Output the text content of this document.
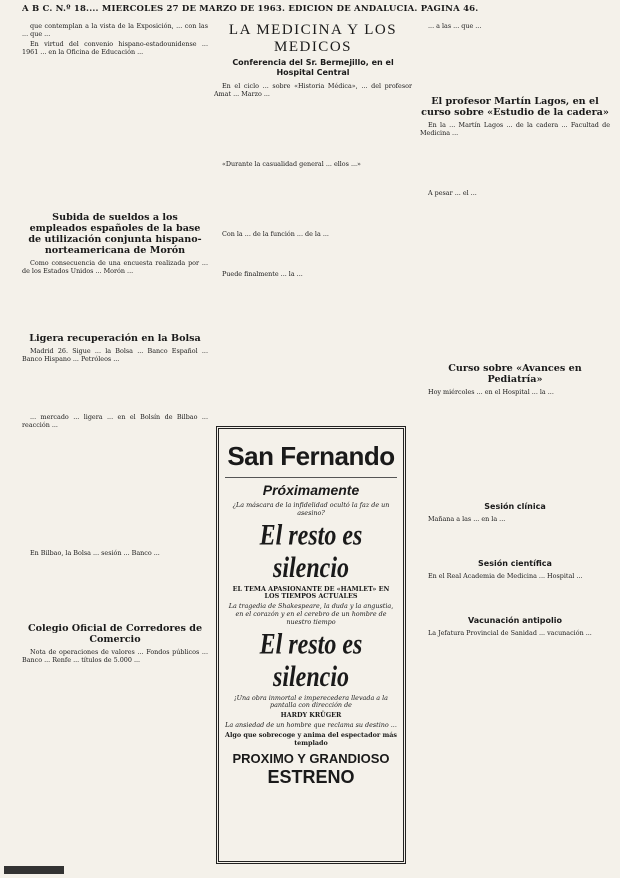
A B C. N.º 18.... MIERCOLES 27 DE MARZO DE 1963. EDICION DE ANDALUCIA. PAGINA 46.

que contemplan a la vista de la Exposición, ... con las ... que ...

En virtud del convenio hispano-estadounidense ... 1961 ... en la Oficina de Educación ...

Subida de sueldos a los empleados españoles de la base de utilización conjunta hispano-norteamericana de Morón

Como consecuencia de una encuesta realizada por ... de los Estados Unidos ... Morón ...

Ligera recuperación en la Bolsa

Madrid 26. Sigue ... la Bolsa ... Banco Español ... Banco Hispano ... Petróleos ...

... mercado ... ligera ... en el Bolsín de Bilbao ... reacción ...

En Bilbao, la Bolsa ... sesión ... Banco ...

Colegio Oficial de Corredores de Comercio

Nota de operaciones de valores ... Fondos públicos ... Banco ... Renfe ... títulos de 5.000 ...

LA MEDICINA Y LOS MEDICOS
Conferencia del Sr. Bermejillo, en el Hospital Central

En el ciclo ... sobre «Historia Médica», ... del profesor Amat ... Marzo ...

«Durante la casualidad general ... ellos ...»

Con la ... de la función ... de la ...

Puede finalmente ... la ...

San Fernando
Próximamente
¿La máscara de la infidelidad ocultó la faz de un asesino?
El resto es silencio
EL TEMA APASIONANTE DE «HAMLET» EN LOS TIEMPOS ACTUALES
La tragedia de Shakespeare, la duda y la angustia, en el corazón y en el cerebro de un hombre de nuestro tiempo
El resto es silencio
¡Una obra inmortal e imperecedera llevada a la pantalla con dirección de
HARDY KRÜGER
La ansiedad de un hombre que reclama su destino ...
Algo que sobrecoge y anima del espectador más templado
PROXIMO Y GRANDIOSO
ESTRENO

... a las ... que ...

El profesor Martín Lagos, en el curso sobre «Estudio de la cadera»

En la ... Martín Lagos ... de la cadera ... Facultad de Medicina ...

A pesar ... el ...

Curso sobre «Avances en Pediatría»

Hoy miércoles ... en el Hospital ... la ...

Sesión clínica

Mañana a las ... en la ...

Sesión científica

En el Real Academia de Medicina ... Hospital ...

Vacunación antipolio

La Jefatura Provincial de Sanidad ... vacunación ...
